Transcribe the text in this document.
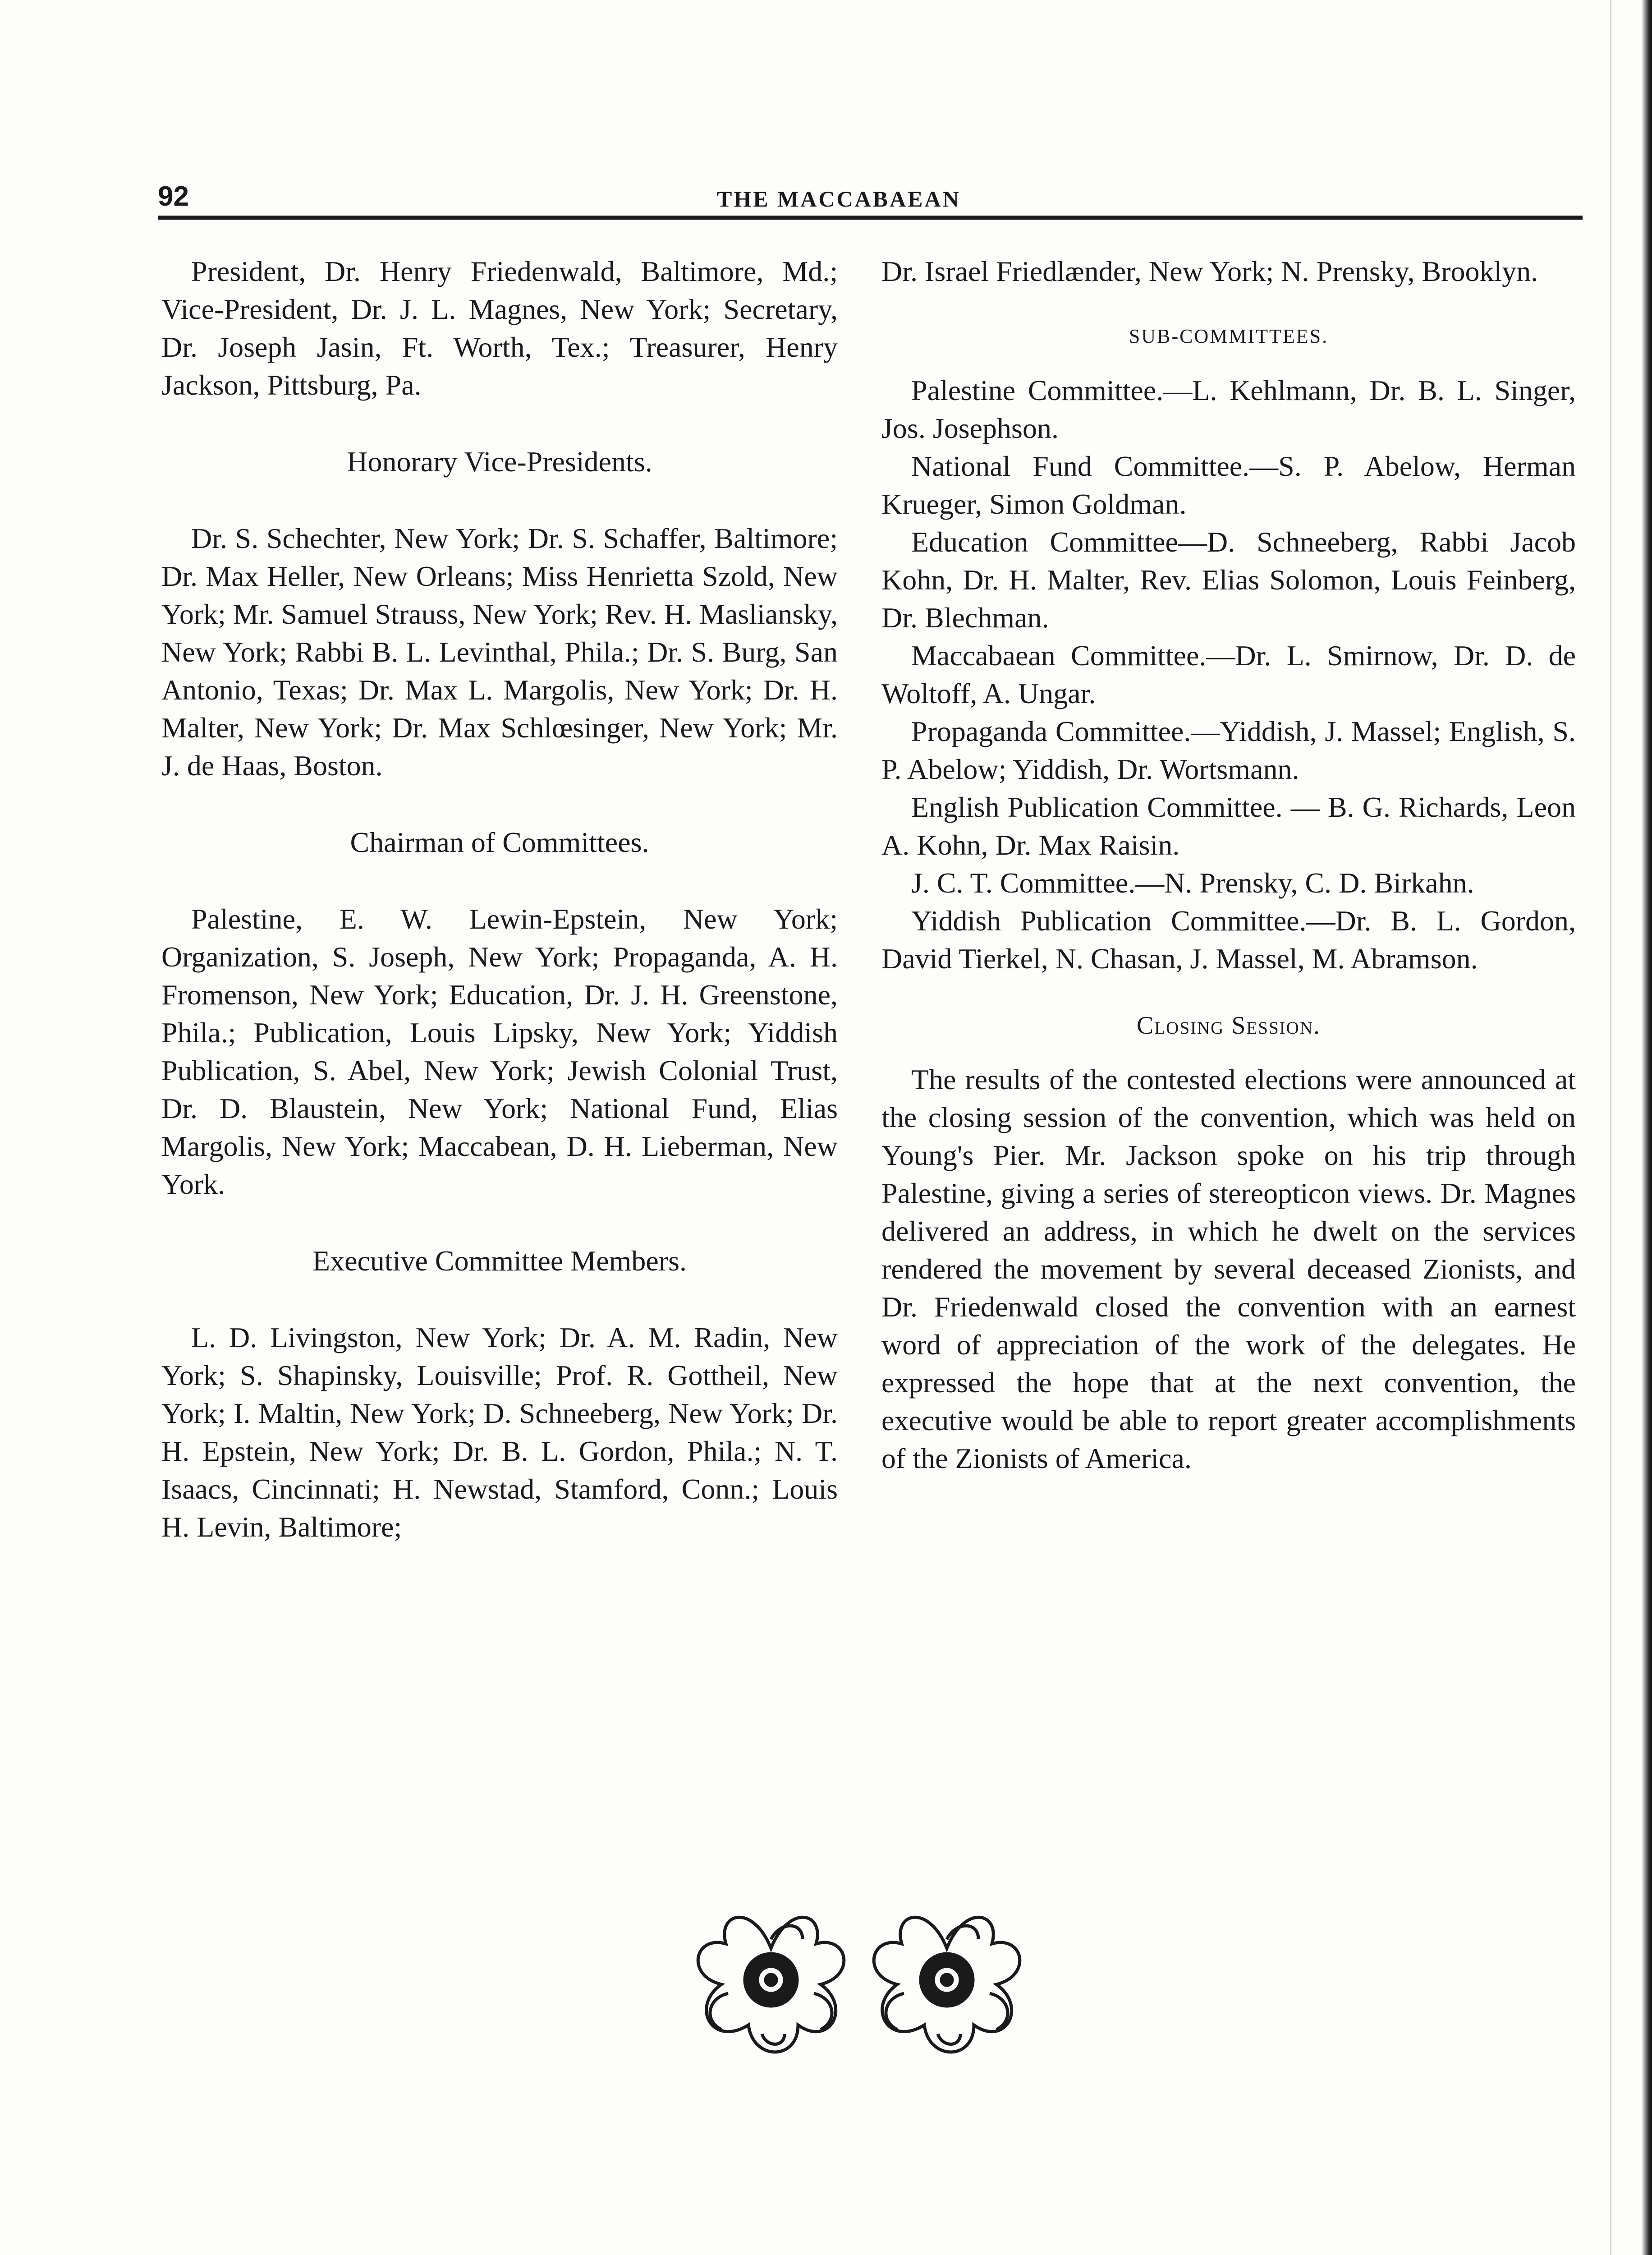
92	THE MACCABAEAN

President, Dr. Henry Friedenwald, Baltimore, Md.; Vice-President, Dr. J. L. Magnes, New York; Secretary, Dr. Joseph Jasin, Ft. Worth, Tex.; Treasurer, Henry Jackson, Pittsburg, Pa.

Honorary Vice-Presidents.

Dr. S. Schechter, New York; Dr. S. Schaffer, Baltimore; Dr. Max Heller, New Orleans; Miss Henrietta Szold, New York; Mr. Samuel Strauss, New York; Rev. H. Masliansky, New York; Rabbi B. L. Levinthal, Phila.; Dr. S. Burg, San Antonio, Texas; Dr. Max L. Margolis, New York; Dr. H. Malter, New York; Dr. Max Schlœsinger, New York; Mr. J. de Haas, Boston.

Chairman of Committees.

Palestine, E. W. Lewin-Epstein, New York; Organization, S. Joseph, New York; Propaganda, A. H. Fromenson, New York; Education, Dr. J. H. Greenstone, Phila.; Publication, Louis Lipsky, New York; Yiddish Publication, S. Abel, New York; Jewish Colonial Trust, Dr. D. Blaustein, New York; National Fund, Elias Margolis, New York; Maccabean, D. H. Lieberman, New York.

Executive Committee Members.

L. D. Livingston, New York; Dr. A. M. Radin, New York; S. Shapinsky, Louisville; Prof. R. Gottheil, New York; I. Maltin, New York; D. Schneeberg, New York; Dr. H. Epstein, New York; Dr. B. L. Gordon, Phila.; N. T. Isaacs, Cincinnati; H. Newstad, Stamford, Conn.; Louis H. Levin, Baltimore;

Dr. Israel Friedlænder, New York; N. Prensky, Brooklyn.

SUB-COMMITTEES.

Palestine Committee.—L. Kehlmann, Dr. B. L. Singer, Jos. Josephson.

National Fund Committee.—S. P. Abelow, Herman Krueger, Simon Goldman.

Education Committee—D. Schneeberg, Rabbi Jacob Kohn, Dr. H. Malter, Rev. Elias Solomon, Louis Feinberg, Dr. Blechman.

Maccabaean Committee.—Dr. L. Smirnow, Dr. D. de Woltoff, A. Ungar.

Propaganda Committee.—Yiddish, J. Massel; English, S. P. Abelow; Yiddish, Dr. Wortsmann.

English Publication Committee. — B. G. Richards, Leon A. Kohn, Dr. Max Raisin.

J. C. T. Committee.—N. Prensky, C. D. Birkahn.

Yiddish Publication Committee.—Dr. B. L. Gordon, David Tierkel, N. Chasan, J. Massel, M. Abramson.

Closing Session.

The results of the contested elections were announced at the closing session of the convention, which was held on Young's Pier. Mr. Jackson spoke on his trip through Palestine, giving a series of stereopticon views. Dr. Magnes delivered an address, in which he dwelt on the services rendered the movement by several deceased Zionists, and Dr. Friedenwald closed the convention with an earnest word of appreciation of the work of the delegates. He expressed the hope that at the next convention, the executive would be able to report greater accomplishments of the Zionists of America.
